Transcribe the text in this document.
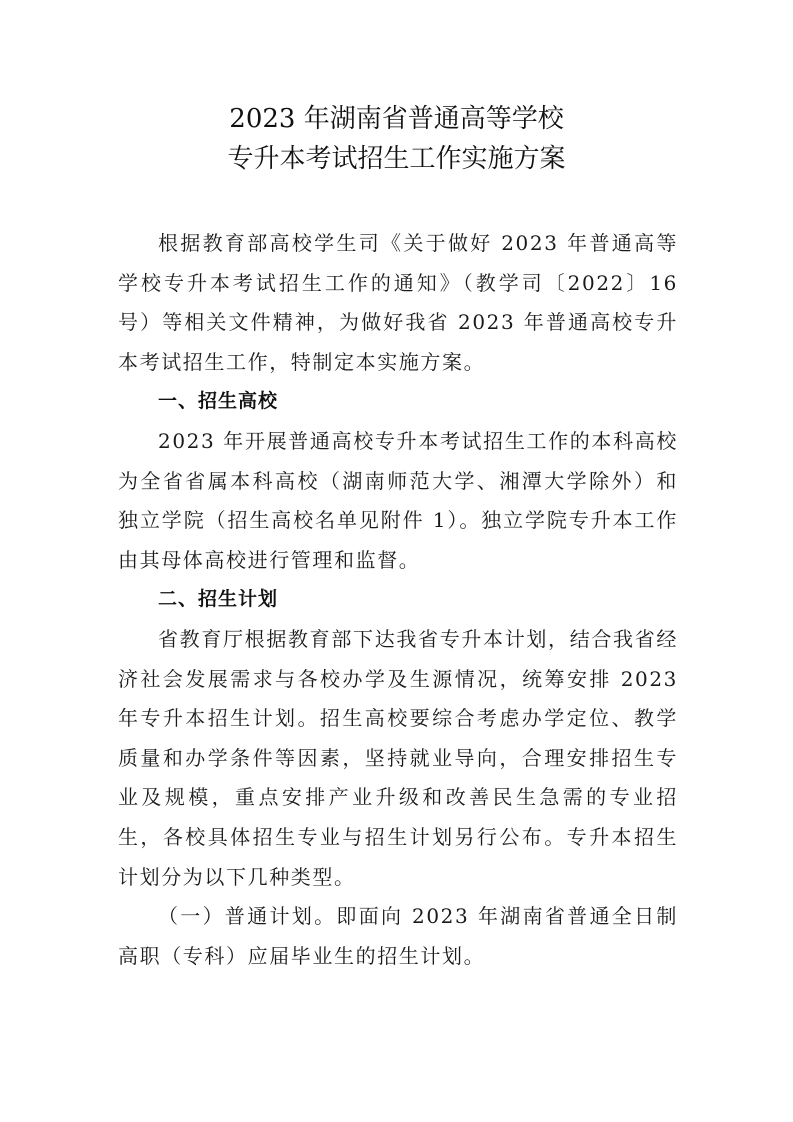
2023 年湖南省普通高等学校
专升本考试招生工作实施方案

根据教育部高校学生司《关于做好 2023 年普通高等学校专升本考试招生工作的通知》（教学司〔2022〕16 号）等相关文件精神，为做好我省 2023 年普通高校专升本考试招生工作，特制定本实施方案。

一、招生高校

2023 年开展普通高校专升本考试招生工作的本科高校为全省省属本科高校（湖南师范大学、湘潭大学除外）和独立学院（招生高校名单见附件 1）。独立学院专升本工作由其母体高校进行管理和监督。

二、招生计划

省教育厅根据教育部下达我省专升本计划，结合我省经济社会发展需求与各校办学及生源情况，统筹安排 2023 年专升本招生计划。招生高校要综合考虑办学定位、教学质量和办学条件等因素，坚持就业导向，合理安排招生专业及规模，重点安排产业升级和改善民生急需的专业招生，各校具体招生专业与招生计划另行公布。专升本招生计划分为以下几种类型。

（一）普通计划。即面向 2023 年湖南省普通全日制高职（专科）应届毕业生的招生计划。
